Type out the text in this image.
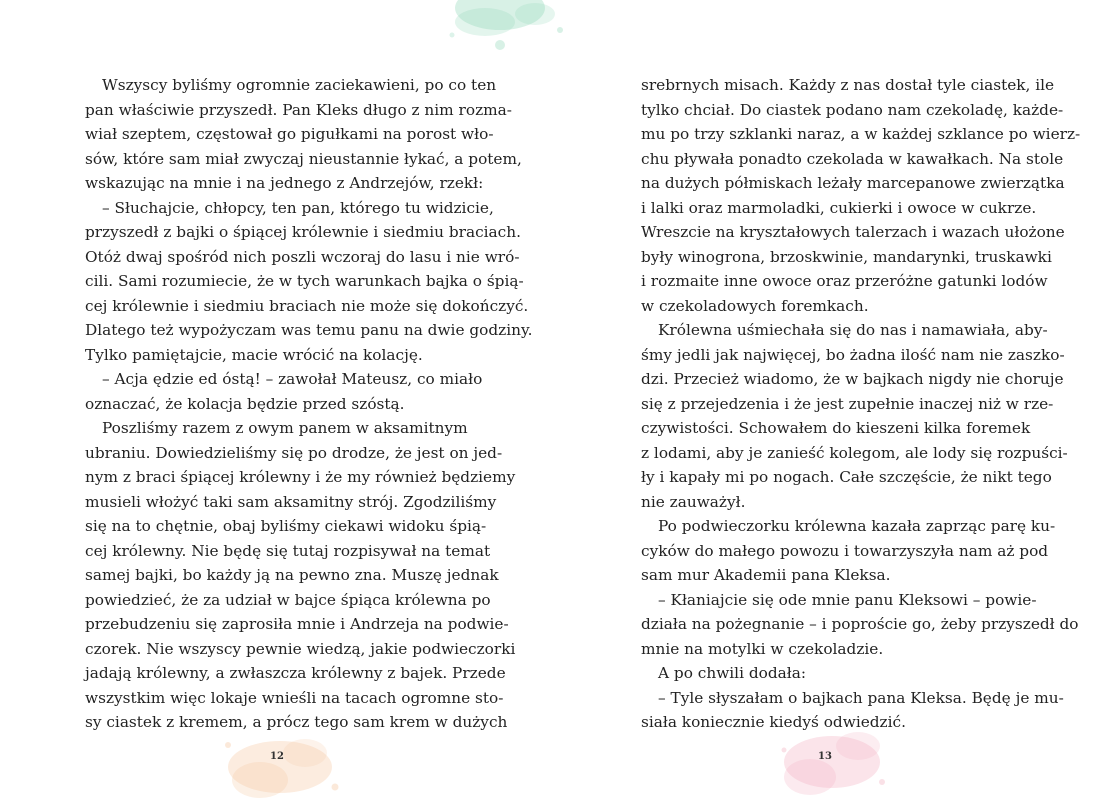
Wszyscy byliśmy ogromnie zaciekawieni, po co ten
pan właściwie przyszedł. Pan Kleks długo z nim rozma-
wiał szeptem, częstował go pigułkami na porost wło-
sów, które sam miał zwyczaj nieustannie łykać, a potem,
wskazując na mnie i na jednego z Andrzejów, rzekł:
– Słuchajcie, chłopcy, ten pan, którego tu widzicie,
przyszedł z bajki o śpiącej królewnie i siedmiu braciach.
Otóż dwaj spośród nich poszli wczoraj do lasu i nie wró-
cili. Sami rozumiecie, że w tych warunkach bajka o śpią-
cej królewnie i siedmiu braciach nie może się dokończyć.
Dlatego też wypożyczam was temu panu na dwie godziny.
Tylko pamiętajcie, macie wrócić na kolację.
– Acja ędzie ed óstą! – zawołał Mateusz, co miało
oznaczać, że kolacja będzie przed szóstą.
Poszliśmy razem z owym panem w aksamitnym
ubraniu. Dowiedzieliśmy się po drodze, że jest on jed-
nym z braci śpiącej królewny i że my również będziemy
musieli włożyć taki sam aksamitny strój. Zgodziliśmy
się na to chętnie, obaj byliśmy ciekawi widoku śpią-
cej królewny. Nie będę się tutaj rozpisywał na temat
samej bajki, bo każdy ją na pewno zna. Muszę jednak
powiedzieć, że za udział w bajce śpiąca królewna po
przebudzeniu się zaprosiła mnie i Andrzeja na podwie-
czorek. Nie wszyscy pewnie wiedzą, jakie podwieczorki
jadają królewny, a zwłaszcza królewny z bajek. Przede
wszystkim więc lokaje wnieśli na tacach ogromne sto-
sy ciastek z kremem, a prócz tego sam krem w dużych
srebrnych misach. Każdy z nas dostał tyle ciastek, ile
tylko chciał. Do ciastek podano nam czekoladę, każde-
mu po trzy szklanki naraz, a w każdej szklance po wierz-
chu pływała ponadto czekolada w kawałkach. Na stole
na dużych półmiskach leżały marcepanowe zwierzątka
i lalki oraz marmoladki, cukierki i owoce w cukrze.
Wreszcie na kryształowych talerzach i wazach ułożone
były winogrona, brzoskwinie, mandarynki, truskawki
i rozmaite inne owoce oraz przeróżne gatunki lodów
w czekoladowych foremkach.
Królewna uśmiechała się do nas i namawiała, aby-
śmy jedli jak najwięcej, bo żadna ilość nam nie zaszko-
dzi. Przecież wiadomo, że w bajkach nigdy nie choruje
się z przejedzenia i że jest zupełnie inaczej niż w rze-
czywistości. Schowałem do kieszeni kilka foremek
z lodami, aby je zanieść kolegom, ale lody się rozpuści-
ły i kapały mi po nogach. Całe szczęście, że nikt tego
nie zauważył.
Po podwieczorku królewna kazała zaprząc parę ku-
cyków do małego powozu i towarzyszyła nam aż pod
sam mur Akademii pana Kleksa.
– Kłaniajcie się ode mnie panu Kleksowi – powie-
działa na pożegnanie – i poproście go, żeby przyszedł do
mnie na motylki w czekoladzie.
A po chwili dodała:
– Tyle słyszałam o bajkach pana Kleksa. Będę je mu-
siała koniecznie kiedyś odwiedzić.
12	13
